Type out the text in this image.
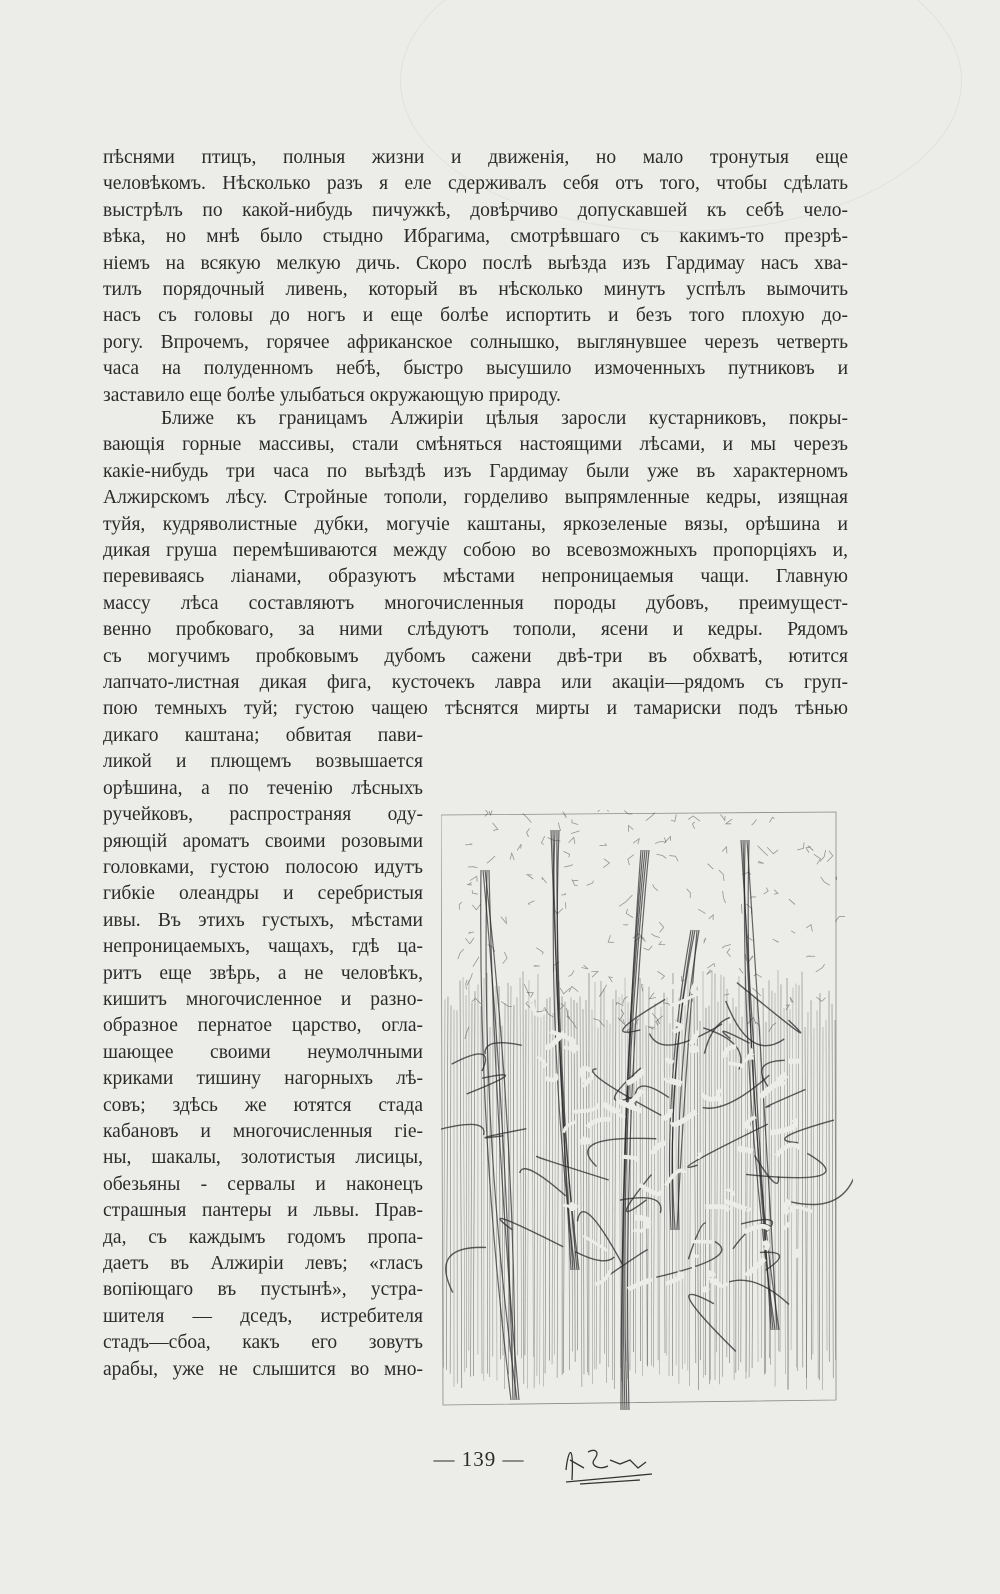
пѣснями птицъ, полныя жизни и движенія, но мало тронутыя еще
человѣкомъ. Нѣсколько разъ я еле сдерживалъ себя отъ того, чтобы сдѣлать
выстрѣлъ по какой-нибудь пичужкѣ, довѣрчиво допускавшей къ себѣ чело-
вѣка, но мнѣ было стыдно Ибрагима, смотрѣвшаго съ какимъ-то презрѣ-
ніемъ на всякую мелкую дичь. Скоро послѣ выѣзда изъ Гардимау насъ хва-
тилъ порядочный ливень, который въ нѣсколько минутъ успѣлъ вымочить
насъ съ головы до ногъ и еще болѣе испортить и безъ того плохую до-
рогу. Впрочемъ, горячее африканское солнышко, выглянувшее черезъ четверть
часа на полуденномъ небѣ, быстро высушило измоченныхъ путниковъ и
заставило еще болѣе улыбаться окружающую природу.
Ближе къ границамъ Алжиріи цѣлыя заросли кустарниковъ, покры-
вающія горные массивы, стали смѣняться настоящими лѣсами, и мы черезъ
какіе-нибудь три часа по выѣздѣ изъ Гардимау были уже въ характерномъ
Алжирскомъ лѣсу. Стройные тополи, горделиво выпрямленные кедры, изящная
туйя, кудряволистные дубки, могучіе каштаны, яркозеленые вязы, орѣшина и
дикая груша перемѣшиваются между собою во всевозможныхъ пропорціяхъ и,
перевиваясь ліанами, образуютъ мѣстами непроницаемыя чащи. Главную
массу лѣса составляютъ многочисленныя породы дубовъ, преимущест-
венно пробковаго, за ними слѣдуютъ тополи, ясени и кедры. Рядомъ
съ могучимъ пробковымъ дубомъ сажени двѣ-три въ обхватѣ, ютится
лапчато-листная дикая фига, кусточекъ лавра или акаціи—рядомъ съ груп-
пою темныхъ туй; густою чащею тѣснятся мирты и тамариски подъ тѣнью
дикаго каштана; обвитая пави-
ликой и плющемъ возвышается
орѣшина, а по теченію лѣсныхъ
ручейковъ, распространяя оду-
ряющій ароматъ своими розовыми
головками, густою полосою идутъ
гибкіе олеандры и серебристыя
ивы. Въ этихъ густыхъ, мѣстами
непроницаемыхъ, чащахъ, гдѣ ца-
ритъ еще звѣрь, а не человѣкъ,
кишитъ многочисленное и разно-
образное пернатое царство, огла-
шающее своими неумолчными
криками тишину нагорныхъ лѣ-
совъ; здѣсь же ютятся стада
кабановъ и многочисленныя гіе-
ны, шакалы, золотистыя лисицы,
обезьяны - сервалы и наконецъ
страшныя пантеры и львы. Прав-
да, съ каждымъ годомъ пропа-
даетъ въ Алжиріи левъ; «гласъ
вопіющаго въ пустынѣ», устра-
шителя — дседъ, истребителя
стадъ—сбоа, какъ его зовутъ
арабы, уже не слышится во мно-
— 139 —
